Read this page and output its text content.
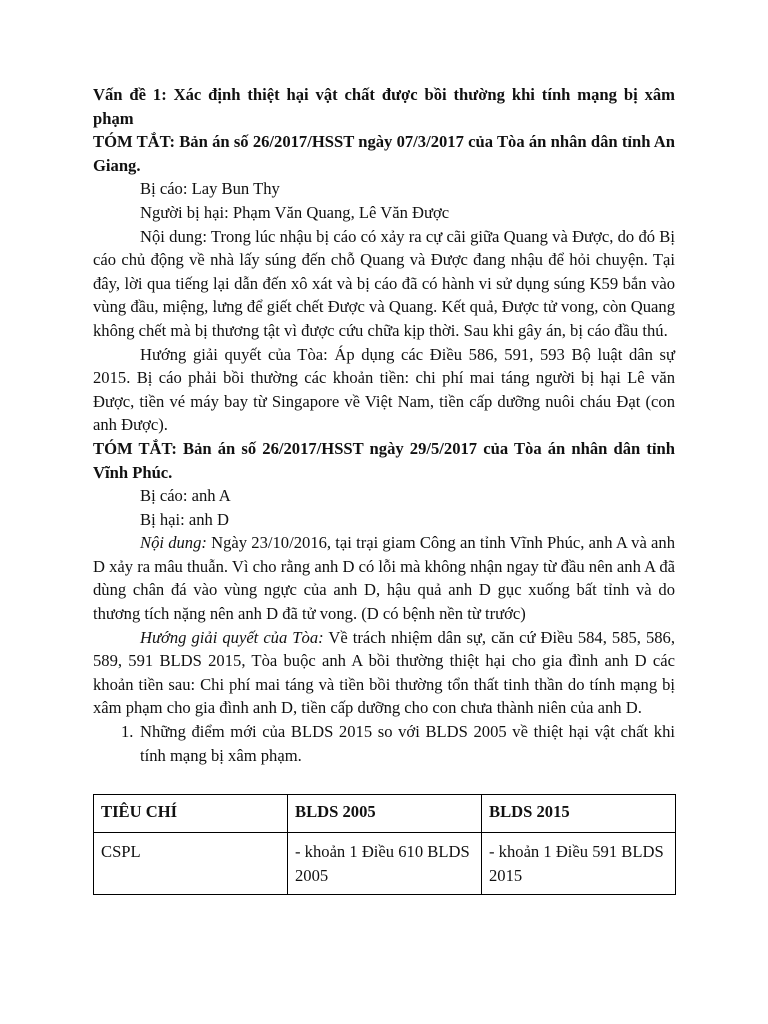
Vấn đề 1: Xác định thiệt hại vật chất được bồi thường khi tính mạng bị xâm phạm

TÓM TẮT: Bản án số 26/2017/HSST ngày 07/3/2017 của Tòa án nhân dân tỉnh An Giang.

Bị cáo: Lay Bun Thy

Người bị hại: Phạm Văn Quang, Lê Văn Được

Nội dung: Trong lúc nhậu bị cáo có xảy ra cự cãi giữa Quang và Được, do đó Bị cáo chủ động về nhà lấy súng đến chỗ Quang và Được đang nhậu để hỏi chuyện. Tại đây, lời qua tiếng lại dẫn đến xô xát và bị cáo đã có hành vi sử dụng súng K59 bắn vào vùng đầu, miệng, lưng để giết chết Được và Quang. Kết quả, Được tử vong, còn Quang không chết mà bị thương tật vì được cứu chữa kịp thời. Sau khi gây án, bị cáo đầu thú.

Hướng giải quyết của Tòa: Áp dụng các Điều 586, 591, 593 Bộ luật dân sự 2015. Bị cáo phải bồi thường các khoản tiền: chi phí mai táng người bị hại Lê văn Được, tiền vé máy bay từ Singapore về Việt Nam, tiền cấp dưỡng nuôi cháu Đạt (con anh Được).

TÓM TẮT: Bản án số 26/2017/HSST ngày 29/5/2017 của Tòa án nhân dân tỉnh Vĩnh Phúc.

Bị cáo: anh A

Bị hại: anh D

Nội dung: Ngày 23/10/2016, tại trại giam Công an tỉnh Vĩnh Phúc, anh A và anh D xảy ra mâu thuẫn. Vì cho rằng anh D có lỗi mà không nhận ngay từ đầu nên anh A đã dùng chân đá vào vùng ngực của anh D, hậu quả anh D gục xuống bất tỉnh và do thương tích nặng nên anh D đã tử vong. (D có bệnh nền từ trước)

Hướng giải quyết của Tòa: Về trách nhiệm dân sự, căn cứ Điều 584, 585, 586, 589, 591 BLDS 2015, Tòa buộc anh A bồi thường thiệt hại cho gia đình anh D các khoản tiền sau: Chi phí mai táng và tiền bồi thường tổn thất tinh thần do tính mạng bị xâm phạm cho gia đình anh D, tiền cấp dưỡng cho con chưa thành niên của anh D.

1. Những điểm mới của BLDS 2015 so với BLDS 2005 về thiệt hại vật chất khi tính mạng bị xâm phạm.
TIÊU CHÍ	BLDS 2005	BLDS 2015
CSPL	- khoản 1 Điều 610 BLDS 2005	- khoản 1 Điều 591 BLDS 2015
